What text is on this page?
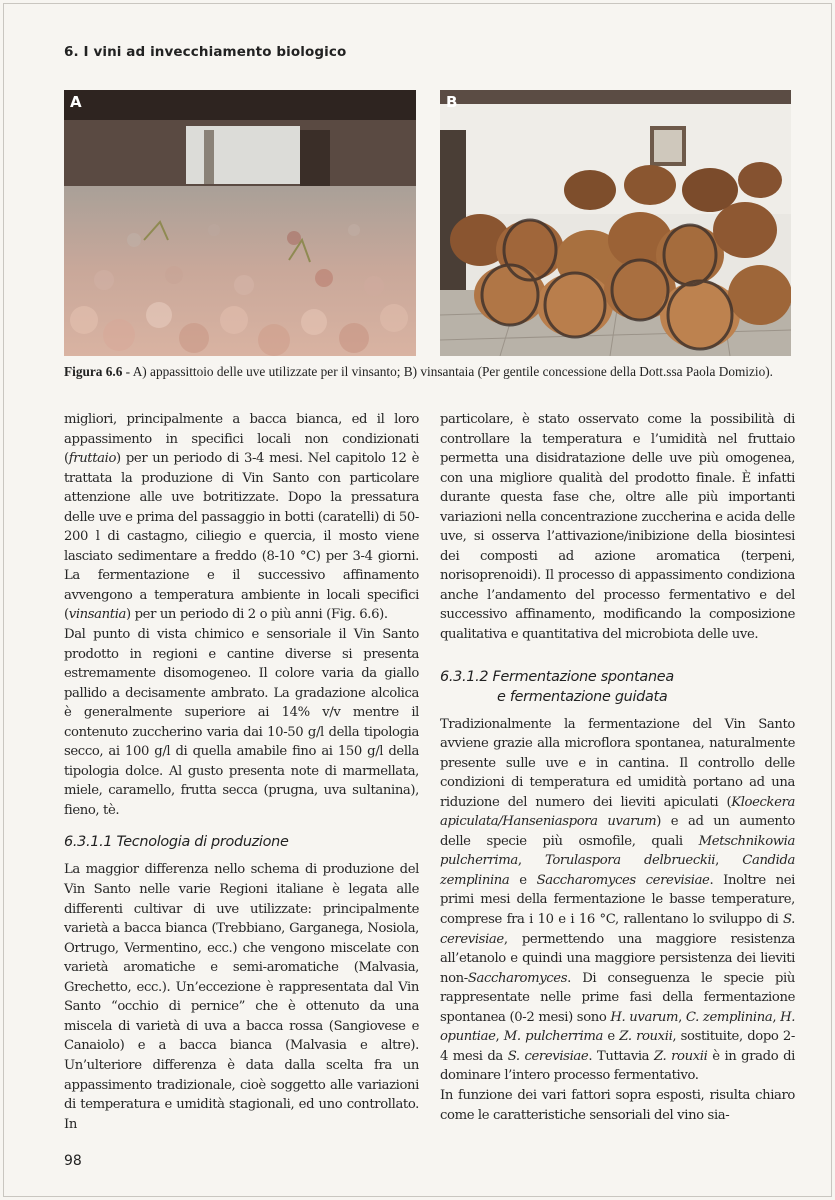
6. I vini ad invecchiamento biologico
A	B
Figura 6.6 - A) appassittoio delle uve utilizzate per il vinsanto; B) vinsantaia (Per gentile concessione della Dott.ssa Paola Domizio).

migliori, principalmente a bacca bianca, ed il loro appassimento in specifici locali non condizionati (fruttaio) per un periodo di 3-4 mesi. Nel capitolo 12 è trattata la produzione di Vin Santo con particolare attenzione alle uve botritizzate. Dopo la pressatura delle uve e prima del passaggio in botti (caratelli) di 50-200 l di castagno, ciliegio e quercia, il mosto viene lasciato sedimentare a freddo (8-10 °C) per 3-4 giorni. La fermentazione e il successivo affinamento avvengono a temperatura ambiente in locali specifici (vinsantia) per un periodo di 2 o più anni (Fig. 6.6).

Dal punto di vista chimico e sensoriale il Vin Santo prodotto in regioni e cantine diverse si presenta estremamente disomogeneo. Il colore varia da giallo pallido a decisamente ambrato. La gradazione alcolica è generalmente superiore ai 14% v/v mentre il contenuto zuccherino varia dai 10-50 g/l della tipologia secco, ai 100 g/l di quella amabile fino ai 150 g/l della tipologia dolce. Al gusto presenta note di marmellata, miele, caramello, frutta secca (prugna, uva sultanina), fieno, tè.

6.3.1.1 Tecnologia di produzione

La maggior differenza nello schema di produzione del Vin Santo nelle varie Regioni italiane è legata alle differenti cultivar di uve utilizzate: principalmente varietà a bacca bianca (Trebbiano, Garganega, Nosiola, Ortrugo, Vermentino, ecc.) che vengono miscelate con varietà aromatiche e semi-aromatiche (Malvasia, Grechetto, ecc.). Un’eccezione è rappresentata dal Vin Santo “occhio di pernice” che è ottenuto da una miscela di varietà di uva a bacca rossa (Sangiovese e Canaiolo) e a bacca bianca (Malvasia e altre). Un’ulteriore differenza è data dalla scelta fra un appassimento tradizionale, cioè soggetto alle variazioni di temperatura e umidità stagionali, ed uno controllato. In

particolare, è stato osservato come la possibilità di controllare la temperatura e l’umidità nel fruttaio permetta una disidratazione delle uve più omogenea, con una migliore qualità del prodotto finale. È infatti durante questa fase che, oltre alle più importanti variazioni nella concentrazione zuccherina e acida delle uve, si osserva l’attivazione/inibizione della biosintesi dei composti ad azione aromatica (terpeni, norisoprenoidi). Il processo di appassimento condiziona anche l’andamento del processo fermentativo e del successivo affinamento, modificando la composizione qualitativa e quantitativa del microbiota delle uve.

6.3.1.2 Fermentazione spontanea
e fermentazione guidata

Tradizionalmente la fermentazione del Vin Santo avviene grazie alla microflora spontanea, naturalmente presente sulle uve e in cantina. Il controllo delle condizioni di temperatura ed umidità portano ad una riduzione del numero dei lieviti apiculati (Kloeckera apiculata/Hanseniaspora uvarum) e ad un aumento delle specie più osmofile, quali Metschnikowia pulcherrima, Torulaspora delbrueckii, Candida zemplinina e Saccharomyces cerevisiae. Inoltre nei primi mesi della fermentazione le basse temperature, comprese fra i 10 e i 16 °C, rallentano lo sviluppo di S. cerevisiae, permettendo una maggiore resistenza all’etanolo e quindi una maggiore persistenza dei lieviti non-Saccharomyces. Di conseguenza le specie più rappresentate nelle prime fasi della fermentazione spontanea (0-2 mesi) sono H. uvarum, C. zemplinina, H. opuntiae, M. pulcherrima e Z. rouxii, sostituite, dopo 2-4 mesi da S. cerevisiae. Tuttavia Z. rouxii è in grado di dominare l’intero processo fermentativo.

In funzione dei vari fattori sopra esposti, risulta chiaro come le caratteristiche sensoriali del vino sia-

98
